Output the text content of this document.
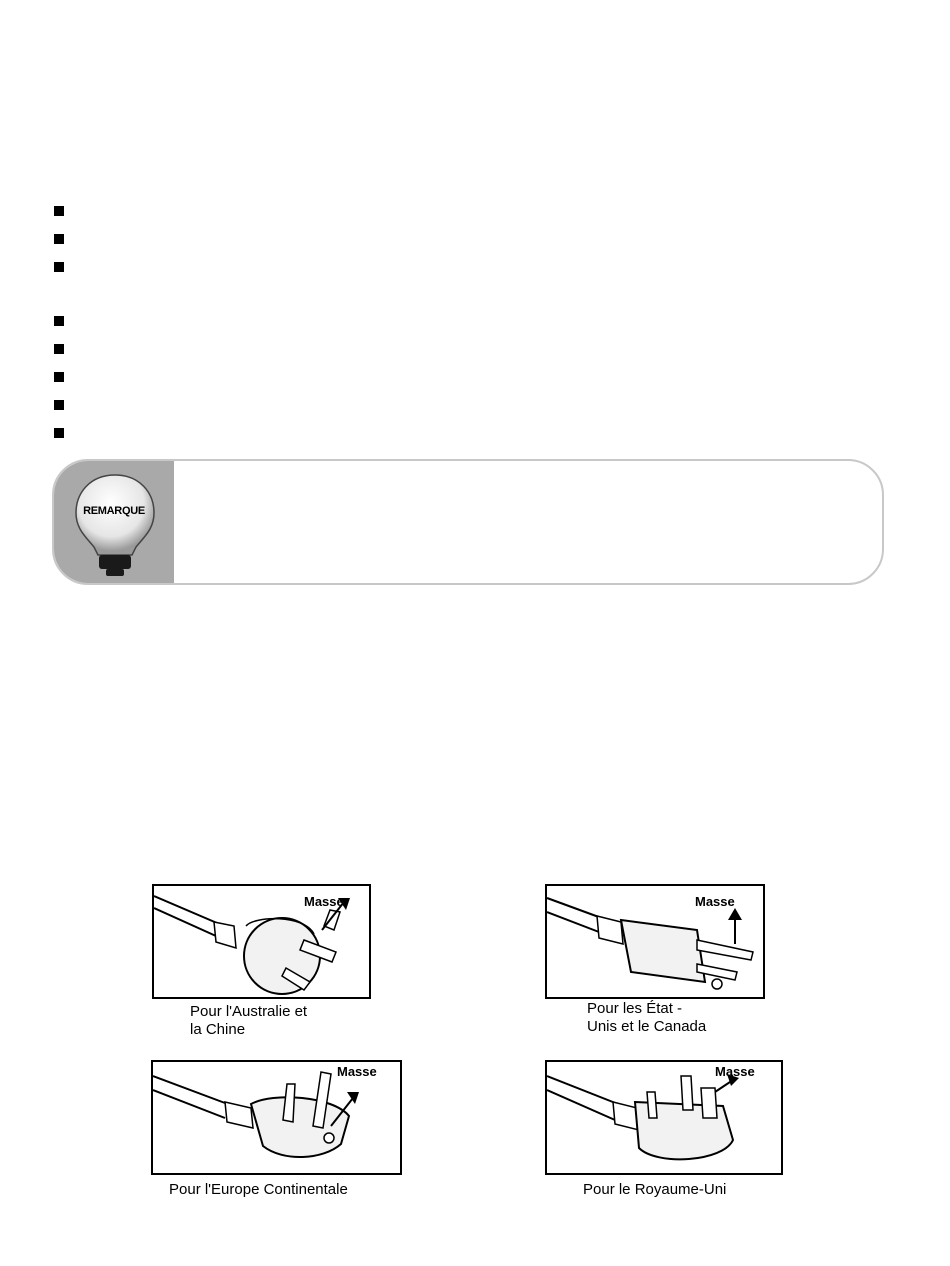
REMARQUE
Masse
Pour l'Australie et
la Chine
Masse
Pour les État -
Unis et le Canada
Masse
Pour l'Europe Continentale
Masse
Pour le Royaume-Uni
